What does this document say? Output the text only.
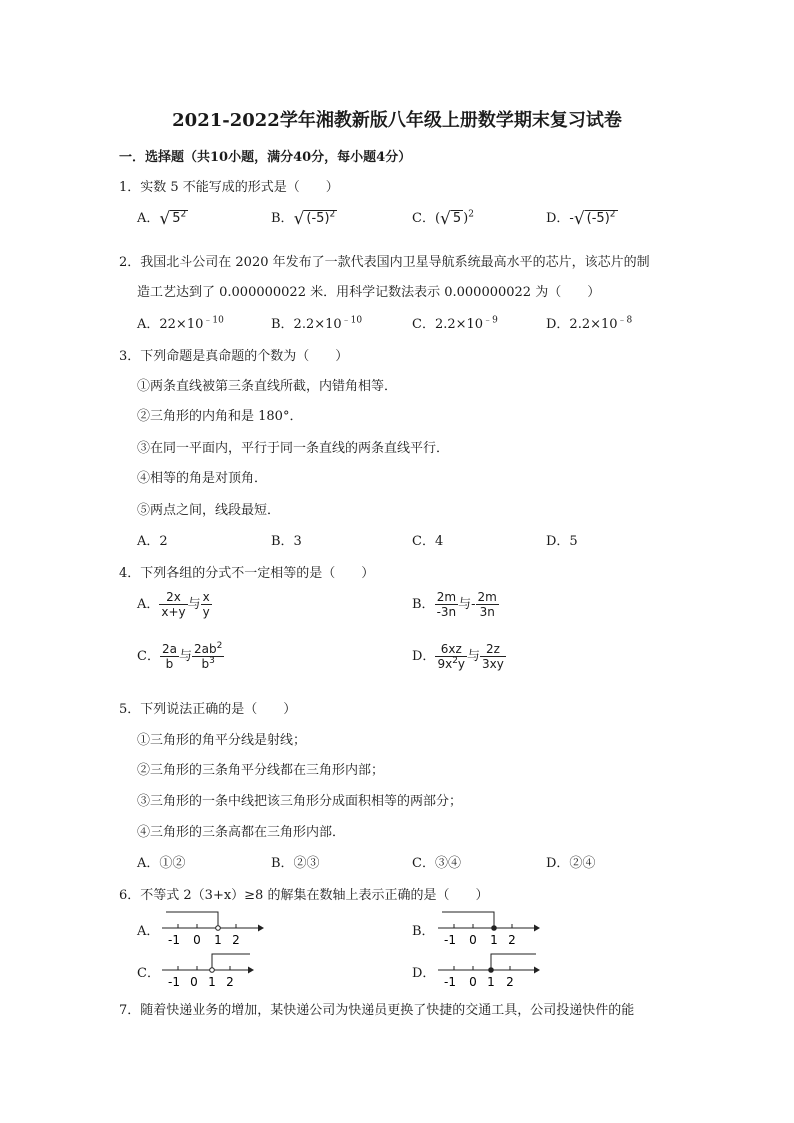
2021-2022学年湘教新版八年级上册数学期末复习试卷
一．选择题（共10小题，满分40分，每小题4分）
1．实数 5 不能写成的形式是（　　）
A．√ $5^2$	B．√ $(-5)^2$	C．(√ 5 )$^2$	D．-√ $(-5)^2$
2．我国北斗公司在 2020 年发布了一款代表国内卫星导航系统最高水平的芯片，该芯片的制
造工艺达到了 0.000000022 米．用科学记数法表示 0.000000022 为（　　）
A．$22\times 10^{﹣10}$	B．$2.2\times 10^{﹣10}$	C．$2.2\times 10^{﹣9}$	D．$2.2\times 10^{﹣8}$
3．下列命题是真命题的个数为（　　）
①两条直线被第三条直线所截，内错角相等．
②三角形的内角和是 180°．
③在同一平面内，平行于同一条直线的两条直线平行．
④相等的角是对顶角．
⑤两点之间，线段最短．
A．2	B．3	C．4	D．5
4．下列各组的分式不一定相等的是（　　）
A． $\frac{2x}{x+y}$ 与 $\frac{x}{y}$	B． $\frac{2m}{-3n}$ 与- $\frac{2m}{3n}$
C． $\frac{2a}{b}$ 与 $\frac{2ab^2}{b^3}$	D． $\frac{6xz}{9x^2y}$ 与 $\frac{2z}{3xy}$
5．下列说法正确的是（　　）
①三角形的角平分线是射线；
②三角形的三条角平分线都在三角形内部；
③三角形的一条中线把该三角形分成面积相等的两部分；
④三角形的三条高都在三角形内部．
A．①②	B．②③	C．③④	D．②④
6．不等式 2（3+x）≥8 的解集在数轴上表示正确的是（　　）
A．
-1 0 1 2
B．
-1 0 1 2
C．
-1 0 1 2
D．
-1 0 1 2
7．随着快递业务的增加，某快递公司为快递员更换了快捷的交通工具，公司投递快件的能
